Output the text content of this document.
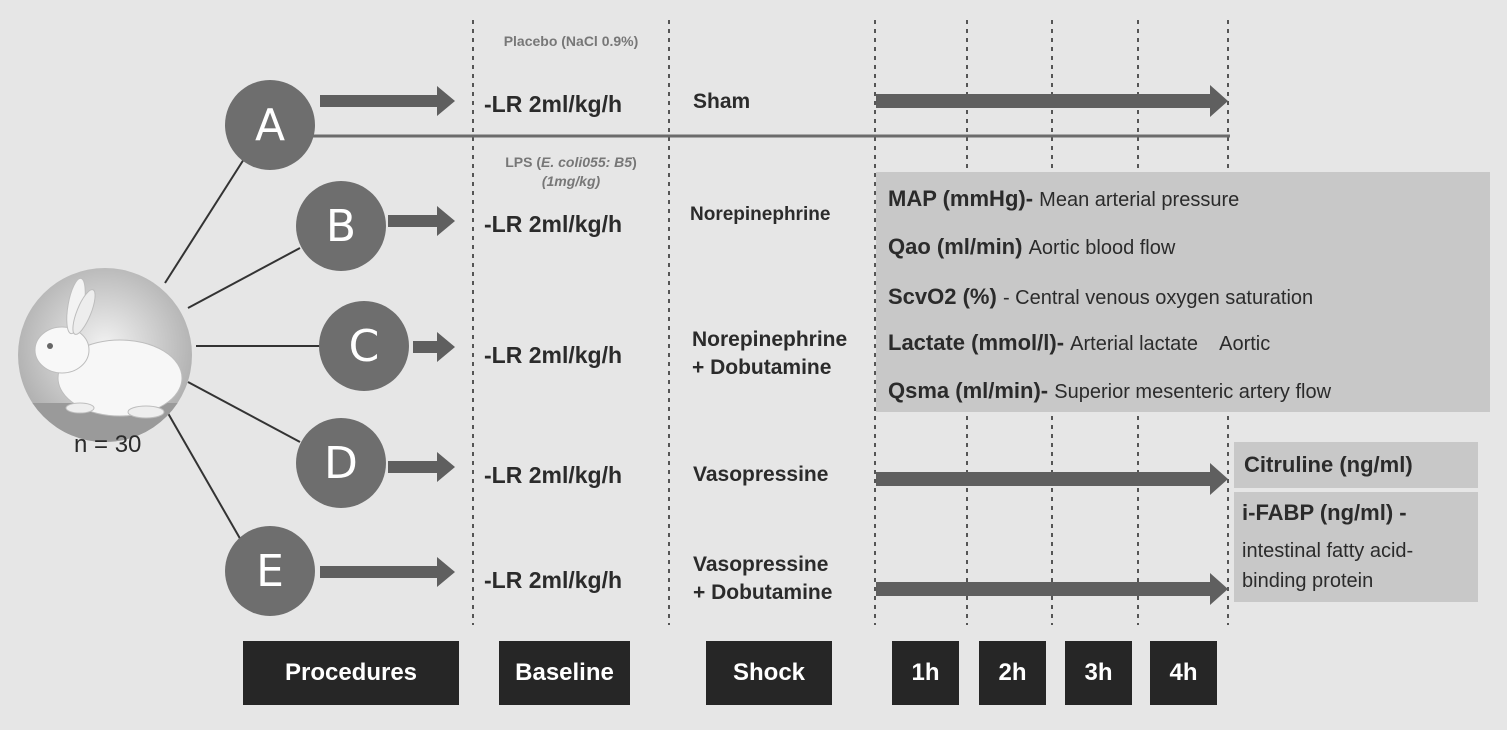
n = 30
A
B
C
D
E
Placebo (NaCl 0.9%)
LPS (E. coli055: B5)
(1mg/kg)
-LR 2ml/kg/h
-LR 2ml/kg/h
-LR 2ml/kg/h
-LR 2ml/kg/h
-LR 2ml/kg/h
Sham
Norepinephrine
Norepinephrine
+ Dobutamine
Vasopressine
Vasopressine
+ Dobutamine
MAP (mmHg)- Mean arterial pressure
Qao (ml/min) Aortic blood flow
ScvO2 (%) - Central venous oxygen saturation
Lactate (mmol/l)- Arterial lactate    Aortic
Qsma (ml/min)- Superior mesenteric artery flow
Citruline (ng/ml)
i-FABP (ng/ml) -
intestinal fatty acid-
binding protein
Procedures	Baseline	Shock	1h	2h	3h	4h
